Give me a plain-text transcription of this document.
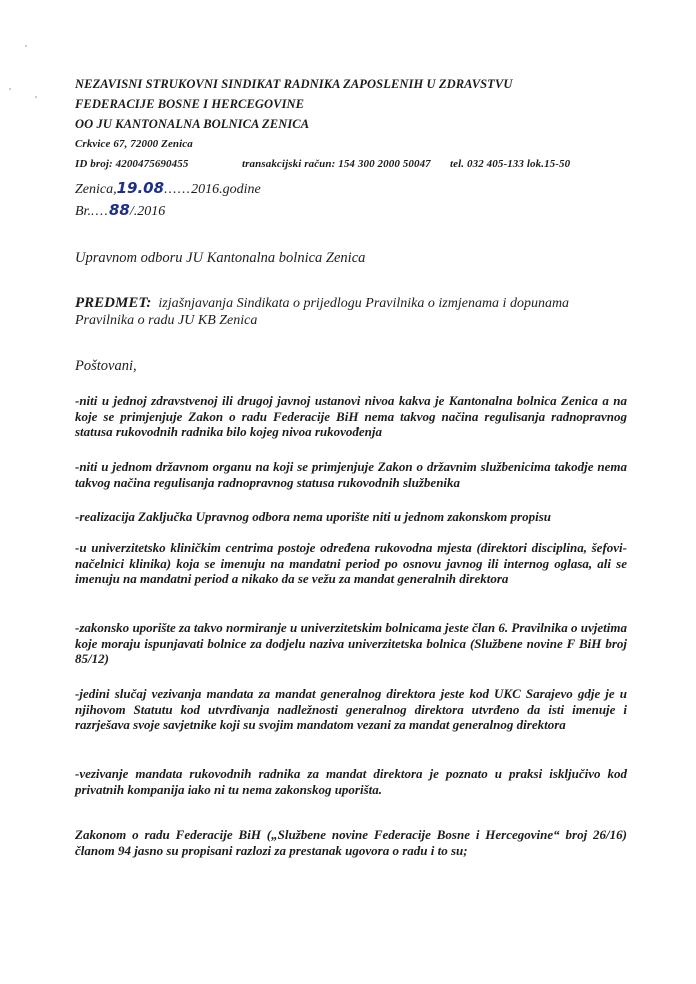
NEZAVISNI STRUKOVNI SINDIKAT RADNIKA ZAPOSLENIH U ZDRAVSTVU
FEDERACIJE BOSNE I HERCEGOVINE
OO JU KANTONALNA BOLNICA ZENICA
Crkvice 67, 72000 Zenica
ID broj: 4200475690455	transakcijski račun: 154 300 2000 50047 tel. 032 405-133 lok.15-50
Zenica,19.08......2016.godine
Br.....88/.2016
Upravnom odboru JU Kantonalna bolnica Zenica
PREDMET: izjašnjavanja Sindikata o prijedlogu Pravilnika o izmjenama i dopunama
Pravilnika o radu JU KB Zenica
Poštovani,
-niti u jednoj zdravstvenoj ili drugoj javnoj ustanovi nivoa kakva je Kantonalna bolnica Zenica a na koje se primjenjuje Zakon o radu Federacije BiH nema takvog načina regulisanja radnopravnog statusa rukovodnih radnika bilo kojeg nivoa rukovođenja
-niti u jednom državnom organu na koji se primjenjuje Zakon o državnim službenicima takodje nema takvog načina regulisanja radnopravnog statusa rukovodnih službenika
-realizacija Zaključka Upravnog odbora nema uporište niti u jednom zakonskom propisu
-u univerzitetsko kliničkim centrima postoje određena rukovodna mjesta (direktori disciplina, šefovi-načelnici klinika) koja se imenuju na mandatni period po osnovu javnog ili internog oglasa, ali se imenuju na mandatni period a nikako da se vežu za mandat generalnih direktora
-zakonsko uporište za takvo normiranje u univerzitetskim bolnicama jeste član 6. Pravilnika o uvjetima koje moraju ispunjavati bolnice za dodjelu naziva univerzitetska bolnica (Službene novine F BiH broj 85/12)
-jedini slučaj vezivanja mandata za mandat generalnog direktora jeste kod UKC Sarajevo gdje je u njihovom Statutu kod utvrđivanja nadležnosti generalnog direktora utvrđeno da isti imenuje i razrješava svoje savjetnike koji su svojim mandatom vezani za mandat generalnog direktora
-vezivanje mandata rukovodnih radnika za mandat direktora je poznato u praksi isključivo kod privatnih kompanija iako ni tu nema zakonskog uporišta.
Zakonom o radu Federacije BiH („Službene novine Federacije Bosne i Hercegovine“ broj 26/16) članom 94 jasno su propisani razlozi za prestanak ugovora o radu i to su;
